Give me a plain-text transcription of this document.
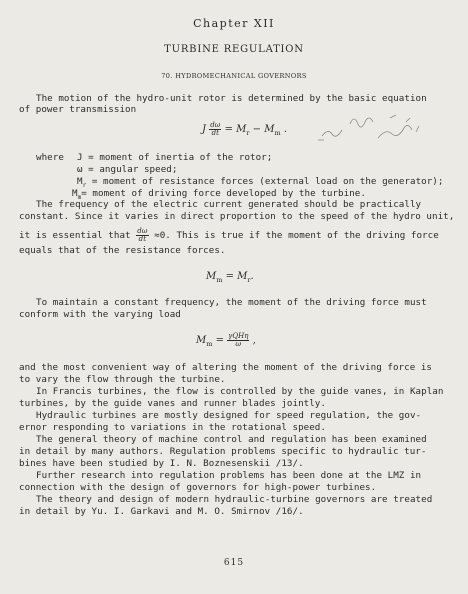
Chapter XII
TURBINE REGULATION
70. HYDROMECHANICAL GOVERNORS
The motion of the hydro-unit rotor is determined by the basic equation
of power transmission
J $\frac{d\omega}{dt} = M_r - M_m$ .
where J = moment of inertia of the rotor;
ω = angular speed;
$M_r$ = moment of resistance forces (external load on the generator);
$M_m=$ moment of driving force developed by the turbine.
The frequency of the electric current generated should be practically
constant. Since it varies in direct proportion to the speed of the hydro unit,
it is essential that $\frac{d\omega}{dt} \approx 0$. This is true if the moment of the driving force
equals that of the resistance forces.
$M_m = M_r$.
To maintain a constant frequency, the moment of the driving force must
conform with the varying load
$M_m = \frac{\text{γQHη}}{\omega}$ ,
and the most convenient way of altering the moment of the driving force is
to vary the flow through the turbine.
In Francis turbines, the flow is controlled by the guide vanes, in Kaplan
turbines, by the guide vanes and runner blades jointly.
Hydraulic turbines are mostly designed for speed regulation, the gov-
ernor responding to variations in the rotational speed.
The general theory of machine control and regulation has been examined
in detail by many authors. Regulation problems specific to hydraulic tur-
bines have been studied by I. N. Boznesenskii /13/.
Further research into regulation problems has been done at the LMZ in
connection with the design of governors for high-power turbines.
The theory and design of modern hydraulic-turbine governors are treated
in detail by Yu. I. Garkavi and M. O. Smirnov /16/.
615
